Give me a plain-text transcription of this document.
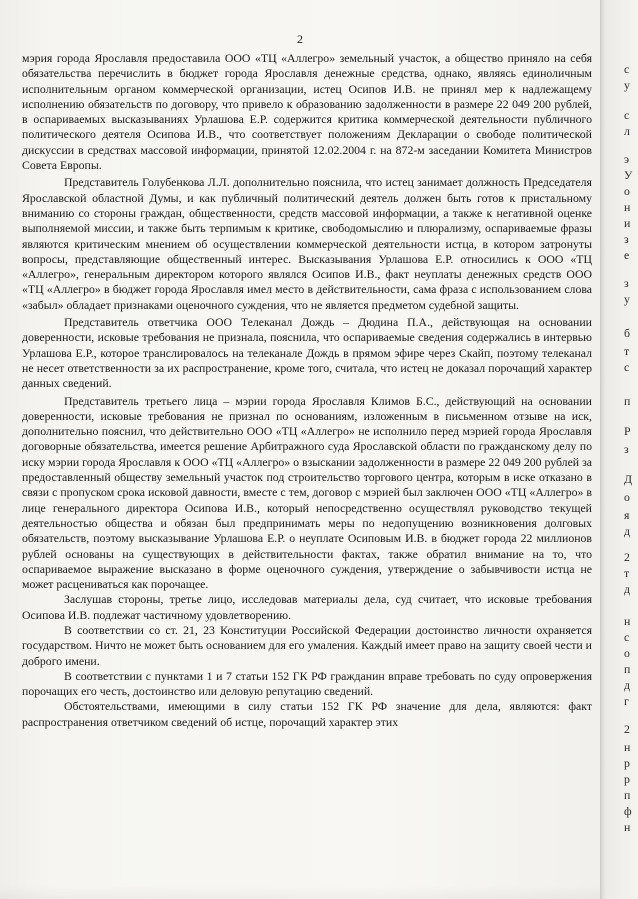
2

мэрия города Ярославля предоставила ООО «ТЦ «Аллегро» земельный участок, а общество приняло на себя обязательства перечислить в бюджет города Ярославля денежные средства, однако, являясь единоличным исполнительным органом коммерческой организации, истец Осипов И.В. не принял мер к надлежащему исполнению обязательств по договору, что привело к образованию задолженности в размере 22 049 200 рублей, в оспариваемых высказываниях Урлашова Е.Р. содержится критика коммерческой деятельности публичного политического деятеля Осипова И.В., что соответствует положениям Декларации о свободе политической дискуссии в средствах массовой информации, принятой 12.02.2004 г. на 872-м заседании Комитета Министров Совета Европы.

Представитель Голубенкова Л.Л. дополнительно пояснила, что истец занимает должность Председателя Ярославской областной Думы, и как публичный политический деятель должен быть готов к пристальному вниманию со стороны граждан, общественности, средств массовой информации, а также к негативной оценке выполняемой миссии, и также быть терпимым к критике, свободомыслию и плюрализму, оспариваемые фразы являются критическим мнением об осуществлении коммерческой деятельности истца, в котором затронуты вопросы, представляющие общественный интерес. Высказывания Урлашова Е.Р. относились к ООО «ТЦ «Аллегро», генеральным директором которого являлся Осипов И.В., факт неуплаты денежных средств ООО «ТЦ «Аллегро» в бюджет города Ярославля имел место в действительности, сама фраза с использованием слова «забыл» обладает признаками оценочного суждения, что не является предметом судебной защиты.

Представитель ответчика ООО Телеканал Дождь – Дюдина П.А., действующая на основании доверенности, исковые требования не признала, пояснила, что оспариваемые сведения содержались в интервью Урлашова Е.Р., которое транслировалось на телеканале Дождь в прямом эфире через Скайп, поэтому телеканал не несет ответственности за их распространение, кроме того, считала, что истец не доказал порочащий характер данных сведений.

Представитель третьего лица – мэрии города Ярославля Климов Б.С., действующий на основании доверенности, исковые требования не признал по основаниям, изложенным в письменном отзыве на иск, дополнительно пояснил, что действительно ООО «ТЦ «Аллегро» не исполнило перед мэрией города Ярославля договорные обязательства, имеется решение Арбитражного суда Ярославской области по гражданскому делу по иску мэрии города Ярославля к ООО «ТЦ «Аллегро» о взыскании задолженности в размере 22 049 200 рублей за предоставленный обществу земельный участок под строительство торгового центра, которым в иске отказано в связи с пропуском срока исковой давности, вместе с тем, договор с мэрией был заключен ООО «ТЦ «Аллегро» в лице генерального директора Осипова И.В., который непосредственно осуществлял руководство текущей деятельностью общества и обязан был предпринимать меры по недопущению возникновения долговых обязательств, поэтому высказывание Урлашова Е.Р. о неуплате Осиповым И.В. в бюджет города 22 миллионов рублей основаны на существующих в действительности фактах, также обратил внимание на то, что оспариваемое выражение высказано в форме оценочного суждения, утверждение о забывчивости истца не может расцениваться как порочащее.

Заслушав стороны, третье лицо, исследовав материалы дела, суд считает, что исковые требования Осипова И.В. подлежат частичному удовлетворению.

В соответствии со ст. 21, 23 Конституции Российской Федерации достоинство личности охраняется государством. Ничто не может быть основанием для его умаления. Каждый имеет право на защиту своей чести и доброго имени.

В соответствии с пунктами 1 и 7 статьи 152 ГК РФ гражданин вправе требовать по суду опровержения порочащих его честь, достоинство или деловую репутацию сведений.

Обстоятельствами, имеющими в силу статьи 152 ГК РФ значение для дела, являются: факт распространения ответчиком сведений об истце, порочащий характер этих

с
у
с
л
э
У
о
н
и
з
е
з
у
б
т
с
п
Р
з
Д
о
я
д
2
т
д
н
с
о
п
д
г
2
н
р
р
п
ф
н
